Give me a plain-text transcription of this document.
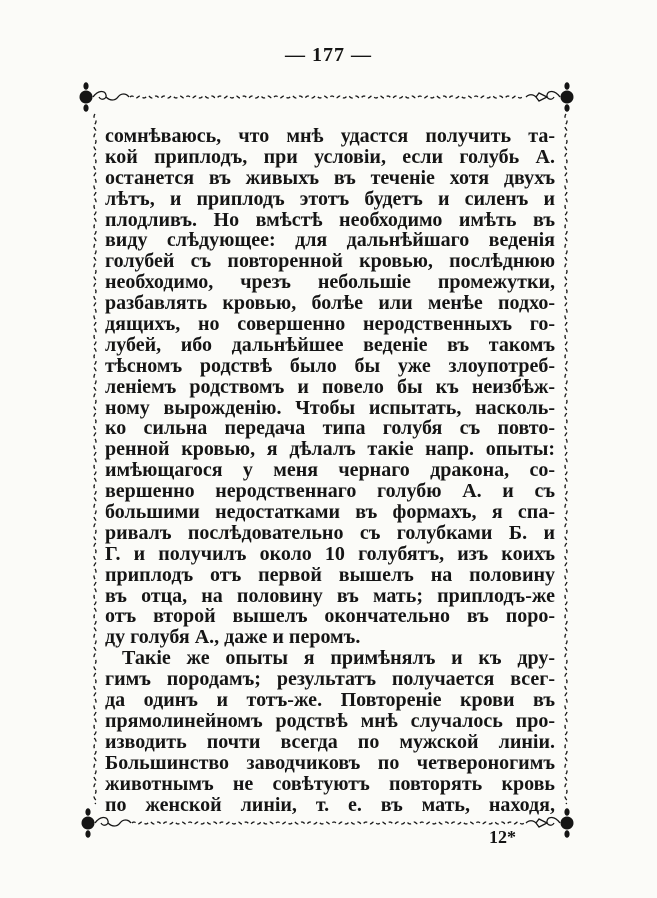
— 177 —
сомнѣваюсь, что мнѣ удастся получить та-
кой приплодъ, при условіи, если голубь А.
останется въ живыхъ въ теченіе хотя двухъ
лѣтъ, и приплодъ этотъ будетъ и силенъ и
плодливъ. Но вмѣстѣ необходимо имѣть въ
виду слѣдующее: для дальнѣйшаго веденія
голубей съ повторенной кровью, послѣднюю
необходимо, чрезъ небольшіе промежутки,
разбавлять кровью, болѣе или менѣе подхо-
дящихъ, но совершенно неродственныхъ го-
лубей, ибо дальнѣйшее веденіе въ такомъ
тѣсномъ родствѣ было бы уже злоупотреб-
леніемъ родствомъ и повело бы къ неизбѣж-
ному вырожденію. Чтобы испытать, насколь-
ко сильна передача типа голубя съ повто-
ренной кровью, я дѣлалъ такіе напр. опыты:
имѣющагося у меня чернаго дракона, со-
вершенно неродственнаго голубю А. и съ
большими недостатками въ формахъ, я спа-
ривалъ послѣдовательно съ голубками Б. и
Г. и получилъ около 10 голубятъ, изъ коихъ
приплодъ отъ первой вышелъ на половину
въ отца, на половину въ мать; приплодъ-же
отъ второй вышелъ окончательно въ поро-
ду голубя А., даже и перомъ.
Такіе же опыты я примѣнялъ и къ дру-
гимъ породамъ; результатъ получается всег-
да одинъ и тотъ-же. Повтореніе крови въ
прямолинейномъ родствѣ мнѣ случалось про-
изводить почти всегда по мужской линіи.
Большинство заводчиковъ по четвероногимъ
животнымъ не совѣтуютъ повторять кровь
по женской линіи, т. е. въ мать, находя,
12*
